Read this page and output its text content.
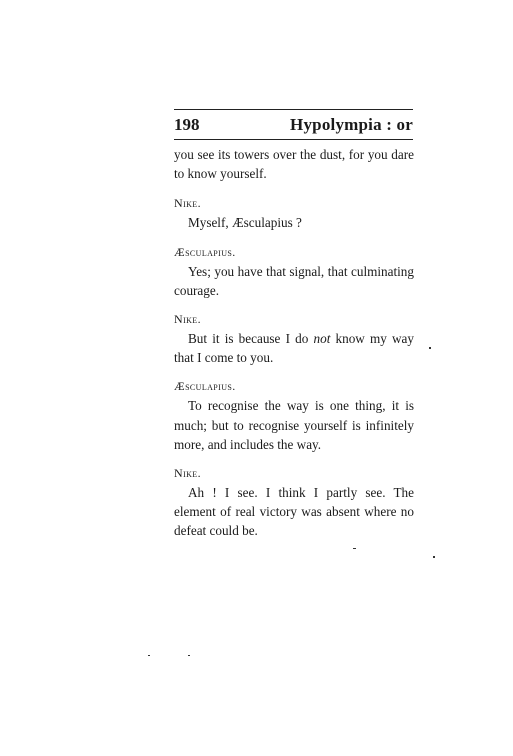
198	Hypolympia : or

you see its towers over the dust, for you dare to know yourself.

Nike.

Myself, Æsculapius ?

Æsculapius.

Yes; you have that signal, that culminating courage.

Nike.

But it is because I do not know my way that I come to you.

Æsculapius.

To recognise the way is one thing, it is much; but to recognise yourself is infinitely more, and includes the way.

Nike.

Ah ! I see. I think I partly see. The element of real victory was absent where no defeat could be.
